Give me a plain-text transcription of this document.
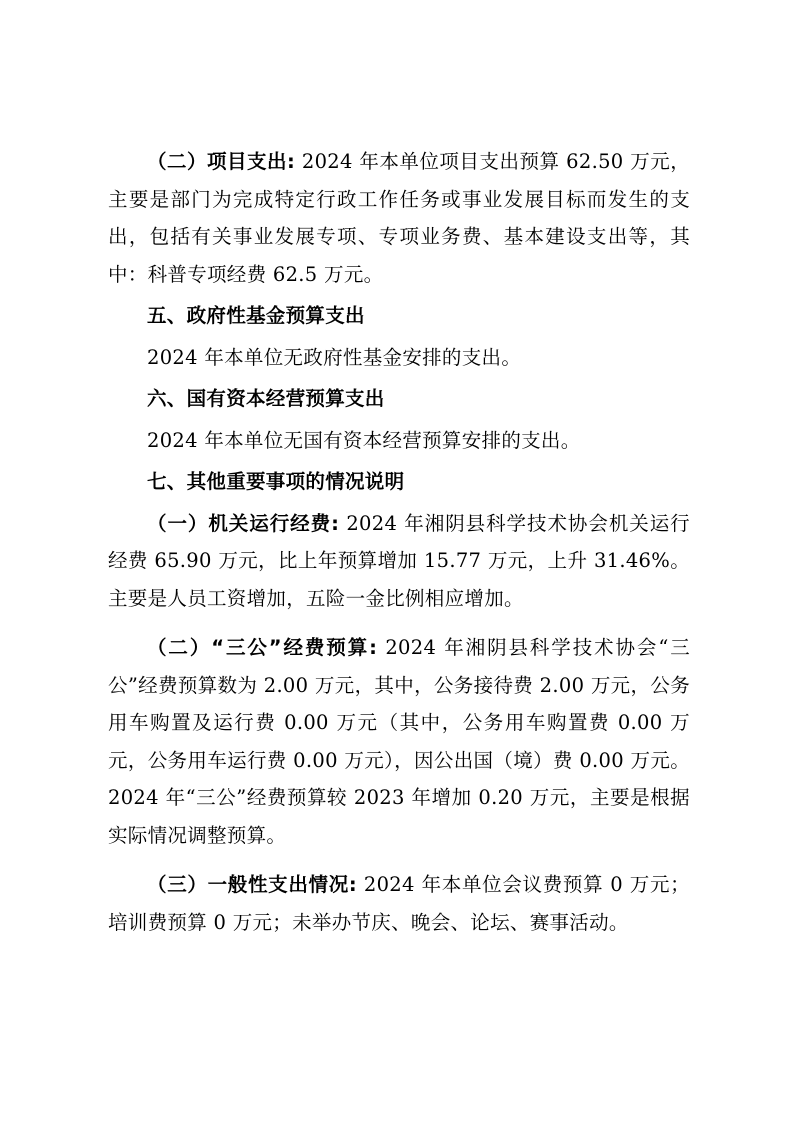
（二）项目支出: 2024 年本单位项目支出预算 62.50 万元，主要是部门为完成特定行政工作任务或事业发展目标而发生的支出，包括有关事业发展专项、专项业务费、基本建设支出等，其中：科普专项经费 62.5 万元。

五、政府性基金预算支出

2024 年本单位无政府性基金安排的支出。

六、国有资本经营预算支出

2024 年本单位无国有资本经营预算安排的支出。

七、其他重要事项的情况说明

（一）机关运行经费: 2024 年湘阴县科学技术协会机关运行经费 65.90 万元，比上年预算增加 15.77 万元，上升 31.46%。主要是人员工资增加，五险一金比例相应增加。

（二）“三公”经费预算: 2024 年湘阴县科学技术协会“三公”经费预算数为 2.00 万元，其中，公务接待费 2.00 万元，公务用车购置及运行费 0.00 万元（其中，公务用车购置费 0.00 万元，公务用车运行费 0.00 万元），因公出国（境）费 0.00 万元。2024 年“三公”经费预算较 2023 年增加 0.20 万元，主要是根据实际情况调整预算。

（三）一般性支出情况: 2024 年本单位会议费预算 0 万元；培训费预算 0 万元；未举办节庆、晚会、论坛、赛事活动。
